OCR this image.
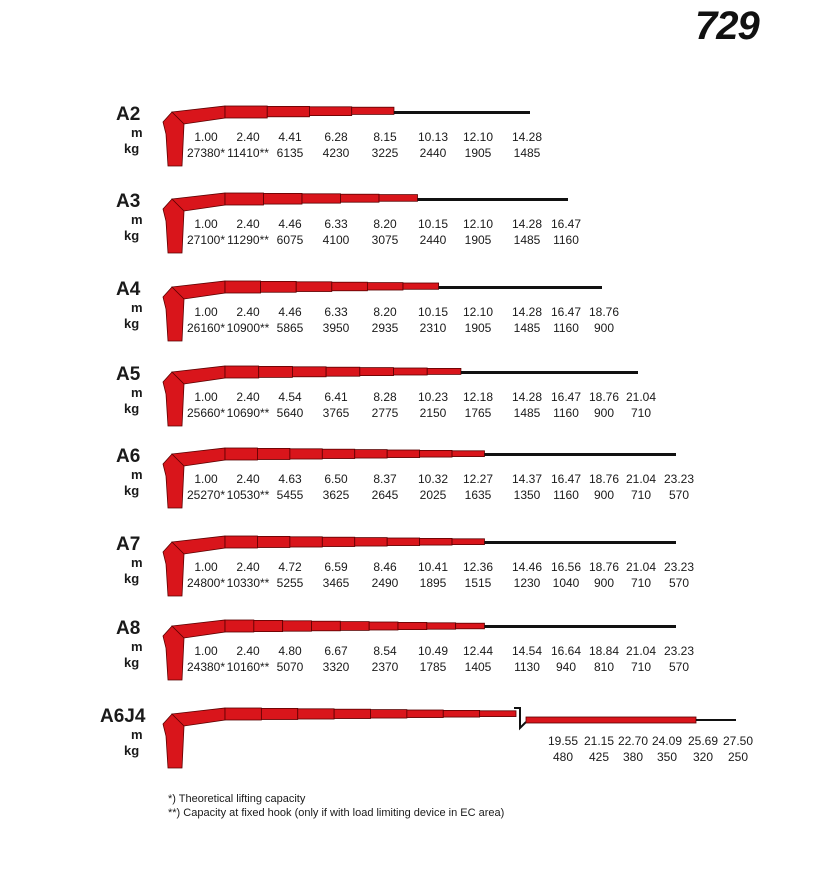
729
A2
m
kg
1.00 2.40 4.41 6.28 8.15 10.13 12.10 14.28
27380* 11410** 6135 4230 3225 2440 1905 1485
A3
m
kg
1.00 2.40 4.46 6.33 8.20 10.15 12.10 14.28 16.47
27100* 11290** 6075 4100 3075 2440 1905 1485 1160
A4
m
kg
1.00 2.40 4.46 6.33 8.20 10.15 12.10 14.28 16.47 18.76
26160* 10900** 5865 3950 2935 2310 1905 1485 1160 900
A5
m
kg
1.00 2.40 4.54 6.41 8.28 10.23 12.18 14.28 16.47 18.76 21.04
25660* 10690** 5640 3765 2775 2150 1765 1485 1160 900 710
A6
m
kg
1.00 2.40 4.63 6.50 8.37 10.32 12.27 14.37 16.47 18.76 21.04 23.23
25270* 10530** 5455 3625 2645 2025 1635 1350 1160 900 710 570
A7
m
kg
1.00 2.40 4.72 6.59 8.46 10.41 12.36 14.46 16.56 18.76 21.04 23.23
24800* 10330** 5255 3465 2490 1895 1515 1230 1040 900 710 570
A8
m
kg
1.00 2.40 4.80 6.67 8.54 10.49 12.44 14.54 16.64 18.84 21.04 23.23
24380* 10160** 5070 3320 2370 1785 1405 1130 940 810 710 570
A6J4
m
kg
19.55 21.15 22.70 24.09 25.69 27.50
480 425 380 350 320 250
*) Theoretical lifting capacity
**) Capacity at fixed hook (only if with load limiting device in EC area)
